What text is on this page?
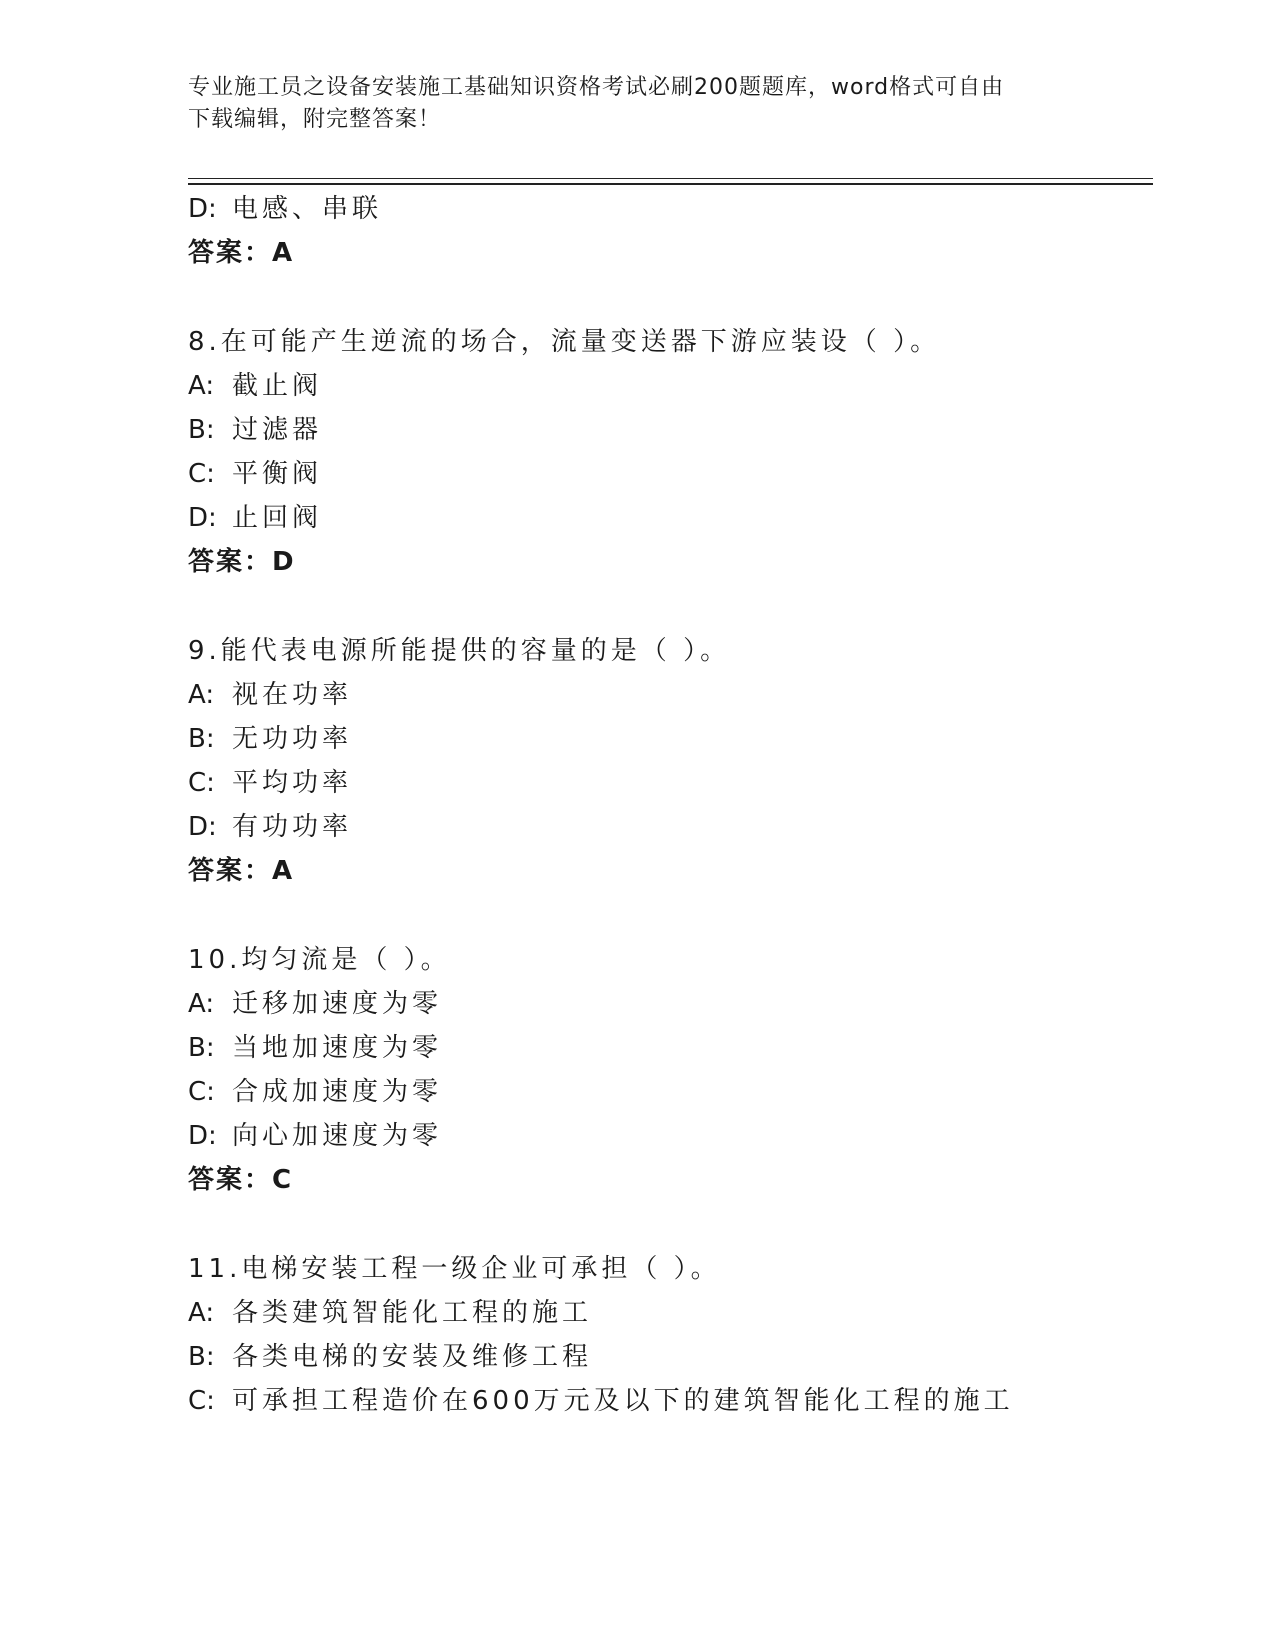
专业施工员之设备安装施工基础知识资格考试必刷200题题库，word格式可自由
下载编辑，附完整答案！
D: 电感、串联
答案：A
8.在可能产生逆流的场合，流量变送器下游应装设（ ）。
A: 截止阀
B: 过滤器
C: 平衡阀
D: 止回阀
答案：D
9.能代表电源所能提供的容量的是（ ）。
A: 视在功率
B: 无功功率
C: 平均功率
D: 有功功率
答案：A
10.均匀流是（ ）。
A: 迁移加速度为零
B: 当地加速度为零
C: 合成加速度为零
D: 向心加速度为零
答案：C
11.电梯安装工程一级企业可承担（ ）。
A: 各类建筑智能化工程的施工
B: 各类电梯的安装及维修工程
C: 可承担工程造价在600万元及以下的建筑智能化工程的施工
